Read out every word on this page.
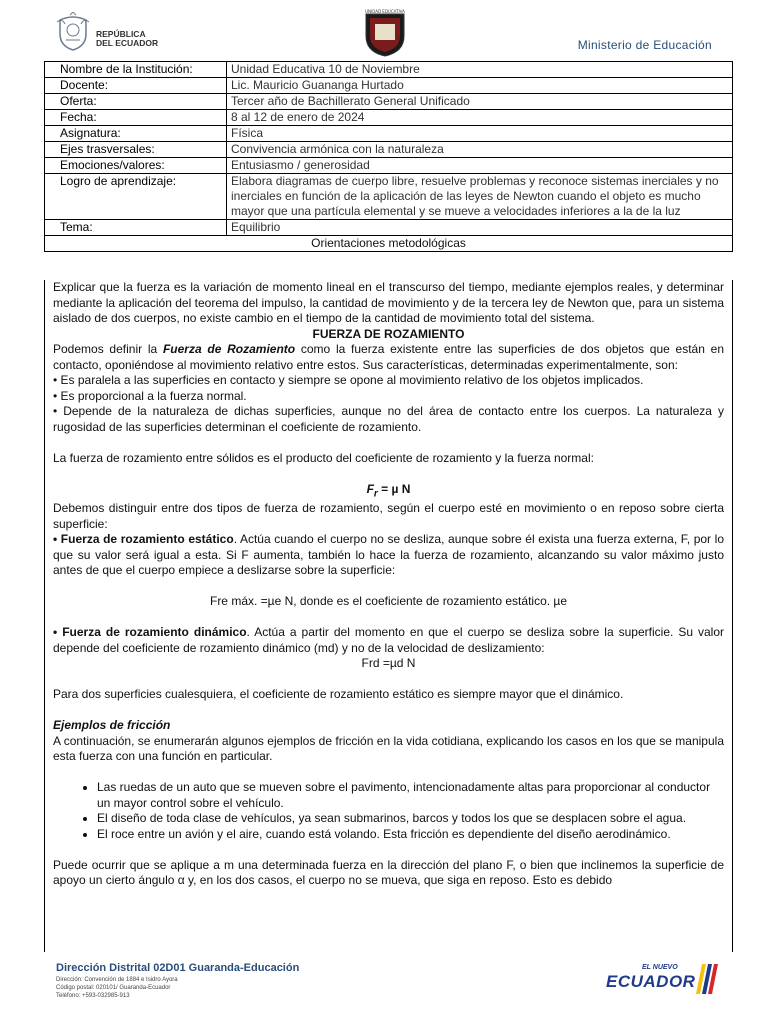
REPÚBLICA
DEL ECUADOR
UNIDAD EDUCATIVA
Ministerio de Educación
Nombre de la Institución:	Unidad Educativa 10 de Noviembre
Docente:	Lic. Mauricio Guananga Hurtado
Oferta:	Tercer año de Bachillerato General Unificado
Fecha:	8 al 12 de enero de 2024
Asignatura:	Física
Ejes trasversales:	Convivencia armónica con la naturaleza
Emociones/valores:	Entusiasmo / generosidad
Logro de aprendizaje:	Elabora diagramas de cuerpo libre, resuelve problemas y reconoce sistemas inerciales y no inerciales en función de la aplicación de las leyes de Newton cuando el objeto es mucho mayor que una partícula elemental y se mueve a velocidades inferiores a la de la luz
Tema:	Equilibrio
Orientaciones metodológicas	

Explicar que la fuerza es la variación de momento lineal en el transcurso del tiempo, mediante ejemplos reales, y determinar mediante la aplicación del teorema del impulso, la cantidad de movimiento y de la tercera ley de Newton que, para un sistema aislado de dos cuerpos, no existe cambio en el tiempo de la cantidad de movimiento total del sistema.

FUERZA DE ROZAMIENTO

Podemos definir la Fuerza de Rozamiento como la fuerza existente entre las superficies de dos objetos que están en contacto, oponiéndose al movimiento relativo entre estos. Sus características, determinadas experimentalmente, son:

• Es paralela a las superficies en contacto y siempre se opone al movimiento relativo de los objetos implicados.

• Es proporcional a la fuerza normal.

• Depende de la naturaleza de dichas superficies, aunque no del área de contacto entre los cuerpos. La naturaleza y rugosidad de las superficies determinan el coeficiente de rozamiento.

La fuerza de rozamiento entre sólidos es el producto del coeficiente de rozamiento y la fuerza normal:

$F_r = \mu$ N

Debemos distinguir entre dos tipos de fuerza de rozamiento, según el cuerpo esté en movimiento o en reposo sobre cierta superficie:

• Fuerza de rozamiento estático. Actúa cuando el cuerpo no se desliza, aunque sobre él exista una fuerza externa, F, por lo que su valor será igual a esta. Si F aumenta, también lo hace la fuerza de rozamiento, alcanzando su valor máximo justo antes de que el cuerpo empiece a deslizarse sobre la superficie:

Fre máx. =µe N, donde es el coeficiente de rozamiento estático. µe

• Fuerza de rozamiento dinámico. Actúa a partir del momento en que el cuerpo se desliza sobre la superficie. Su valor depende del coeficiente de rozamiento dinámico (md) y no de la velocidad de deslizamiento:

Frd =µd N

Para dos superficies cualesquiera, el coeficiente de rozamiento estático es siempre mayor que el dinámico.

Ejemplos de fricción

A continuación, se enumerarán algunos ejemplos de fricción en la vida cotidiana, explicando los casos en los que se manipula esta fuerza con una función en particular.

• Las ruedas de un auto que se mueven sobre el pavimento, intencionadamente altas para proporcionar al conductor un mayor control sobre el vehículo.
• El diseño de toda clase de vehículos, ya sean submarinos, barcos y todos los que se desplacen sobre el agua.
• El roce entre un avión y el aire, cuando está volando. Esta fricción es dependiente del diseño aerodinámico.

Puede ocurrir que se aplique a m una determinada fuerza en la dirección del plano F, o bien que inclinemos la superficie de apoyo un cierto ángulo α y, en los dos casos, el cuerpo no se mueva, que siga en reposo. Esto es debido

Dirección Distrital 02D01 Guaranda-Educación
Dirección: Convención de 1884 e Isidro Ayora
Código postal: 020101/ Guaranda-Ecuador
Teléfono: +593-032985-913
EL NUEVO
ECUADOR
